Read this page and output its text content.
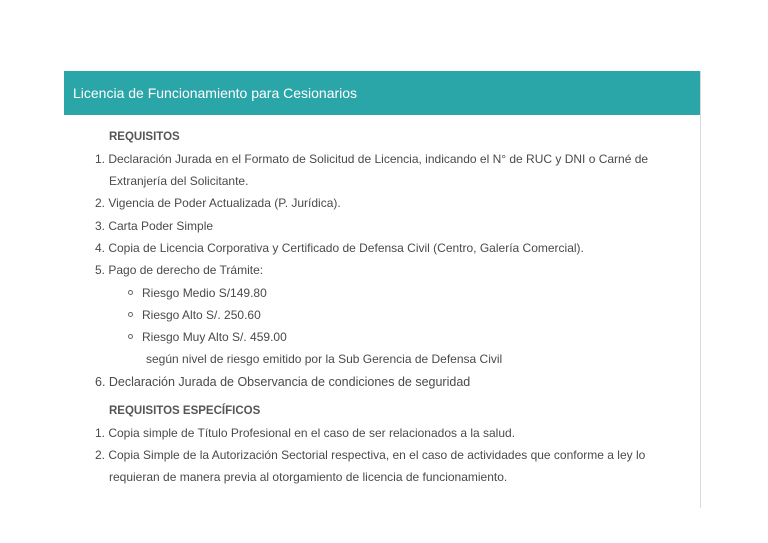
Licencia de Funcionamiento para Cesionarios
REQUISITOS
1. Declaración Jurada en el Formato de Solicitud de Licencia, indicando el N° de RUC y DNI o Carné de
Extranjería del Solicitante.
2. Vigencia de Poder Actualizada (P. Jurídica).
3. Carta Poder Simple
4. Copia de Licencia Corporativa y Certificado de Defensa Civil (Centro, Galería Comercial).
5. Pago de derecho de Trámite:
Riesgo Medio S/149.80
Riesgo Alto S/. 250.60
Riesgo Muy Alto S/. 459.00
según nivel de riesgo emitido por la Sub Gerencia de Defensa Civil
6. Declaración Jurada de Observancia de condiciones de seguridad
REQUISITOS ESPECÍFICOS
1. Copia simple de Título Profesional en el caso de ser relacionados a la salud.
2. Copia Simple de la Autorización Sectorial respectiva, en el caso de actividades que conforme a ley lo
requieran de manera previa al otorgamiento de licencia de funcionamiento.
